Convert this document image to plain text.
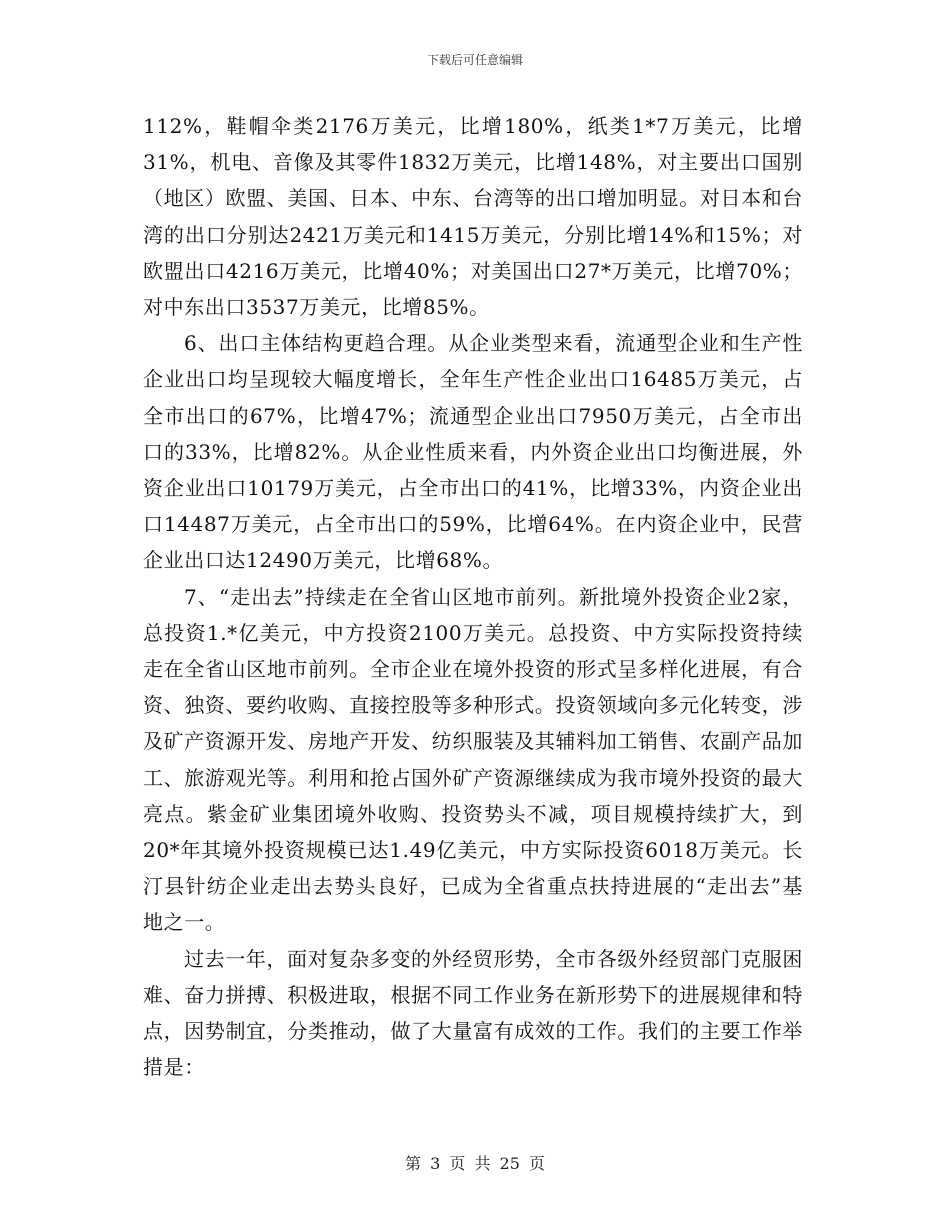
下载后可任意编辑

112%，鞋帽伞类2176万美元，比增180%，纸类1*7万美元，比增31%，机电、音像及其零件1832万美元，比增148%，对主要出口国别（地区）欧盟、美国、日本、中东、台湾等的出口增加明显。对日本和台湾的出口分别达2421万美元和1415万美元，分别比增14%和15%；对欧盟出口4216万美元，比增40%；对美国出口27*万美元，比增70%；对中东出口3537万美元，比增85%。

6、出口主体结构更趋合理。从企业类型来看，流通型企业和生产性企业出口均呈现较大幅度增长，全年生产性企业出口16485万美元，占全市出口的67%，比增47%；流通型企业出口7950万美元，占全市出口的33%，比增82%。从企业性质来看，内外资企业出口均衡进展，外资企业出口10179万美元，占全市出口的41%，比增33%，内资企业出口14487万美元，占全市出口的59%，比增64%。在内资企业中，民营企业出口达12490万美元，比增68%。

7、“走出去”持续走在全省山区地市前列。新批境外投资企业2家，总投资1.*亿美元，中方投资2100万美元。总投资、中方实际投资持续走在全省山区地市前列。全市企业在境外投资的形式呈多样化进展，有合资、独资、要约收购、直接控股等多种形式。投资领域向多元化转变，涉及矿产资源开发、房地产开发、纺织服装及其辅料加工销售、农副产品加工、旅游观光等。利用和抢占国外矿产资源继续成为我市境外投资的最大亮点。紫金矿业集团境外收购、投资势头不减，项目规模持续扩大，到20*年其境外投资规模已达1.49亿美元，中方实际投资6018万美元。长汀县针纺企业走出去势头良好，已成为全省重点扶持进展的“走出去”基地之一。

过去一年，面对复杂多变的外经贸形势，全市各级外经贸部门克服困难、奋力拼搏、积极进取，根据不同工作业务在新形势下的进展规律和特点，因势制宜，分类推动，做了大量富有成效的工作。我们的主要工作举措是：

第 3 页 共 25 页
